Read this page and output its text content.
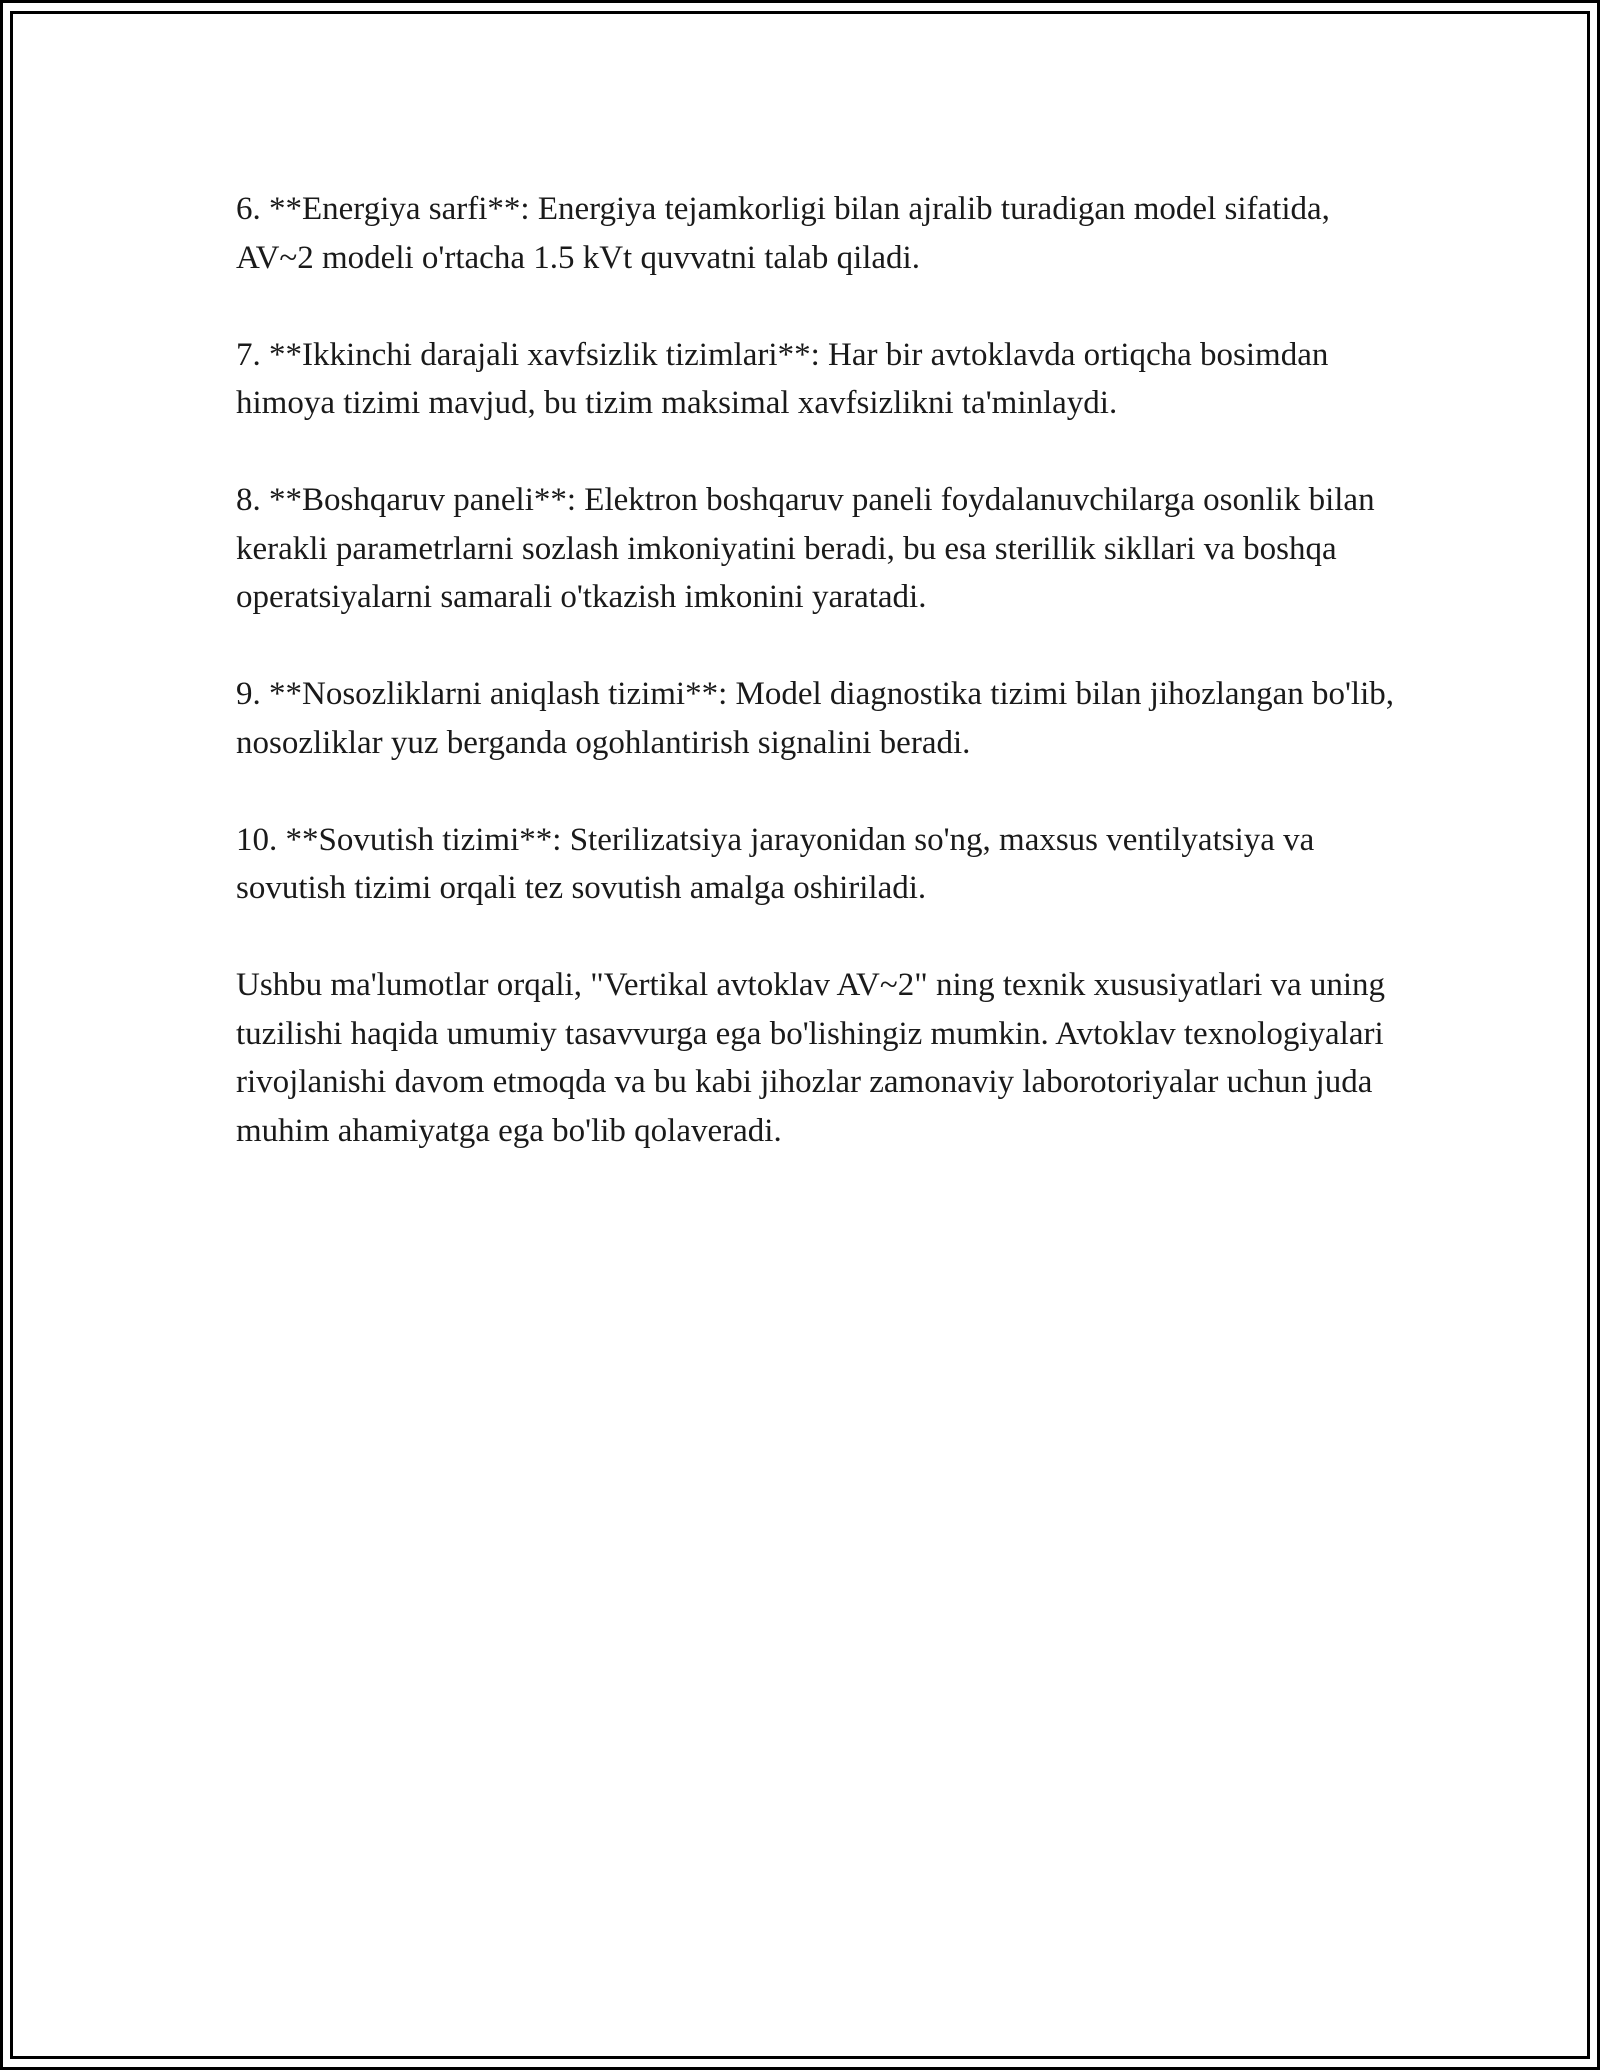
6. **Energiya sarfi**: Energiya tejamkorligi bilan ajralib turadigan model sifatida, AV~2 modeli o'rtacha 1.5 kVt quvvatni talab qiladi.

7. **Ikkinchi darajali xavfsizlik tizimlari**: Har bir avtoklavda ortiqcha bosimdan himoya tizimi mavjud, bu tizim maksimal xavfsizlikni ta'minlaydi.

8. **Boshqaruv paneli**: Elektron boshqaruv paneli foydalanuvchilarga osonlik bilan kerakli parametrlarni sozlash imkoniyatini beradi, bu esa sterillik sikllari va boshqa operatsiyalarni samarali o'tkazish imkonini yaratadi.

9. **Nosozliklarni aniqlash tizimi**: Model diagnostika tizimi bilan jihozlangan bo'lib, nosozliklar yuz berganda ogohlantirish signalini beradi.

10. **Sovutish tizimi**: Sterilizatsiya jarayonidan so'ng, maxsus ventilyatsiya va sovutish tizimi orqali tez sovutish amalga oshiriladi.

Ushbu ma'lumotlar orqali, "Vertikal avtoklav AV~2" ning texnik xususiyatlari va uning tuzilishi haqida umumiy tasavvurga ega bo'lishingiz mumkin. Avtoklav texnologiyalari rivojlanishi davom etmoqda va bu kabi jihozlar zamonaviy laborotoriyalar uchun juda muhim ahamiyatga ega bo'lib qolaveradi.
